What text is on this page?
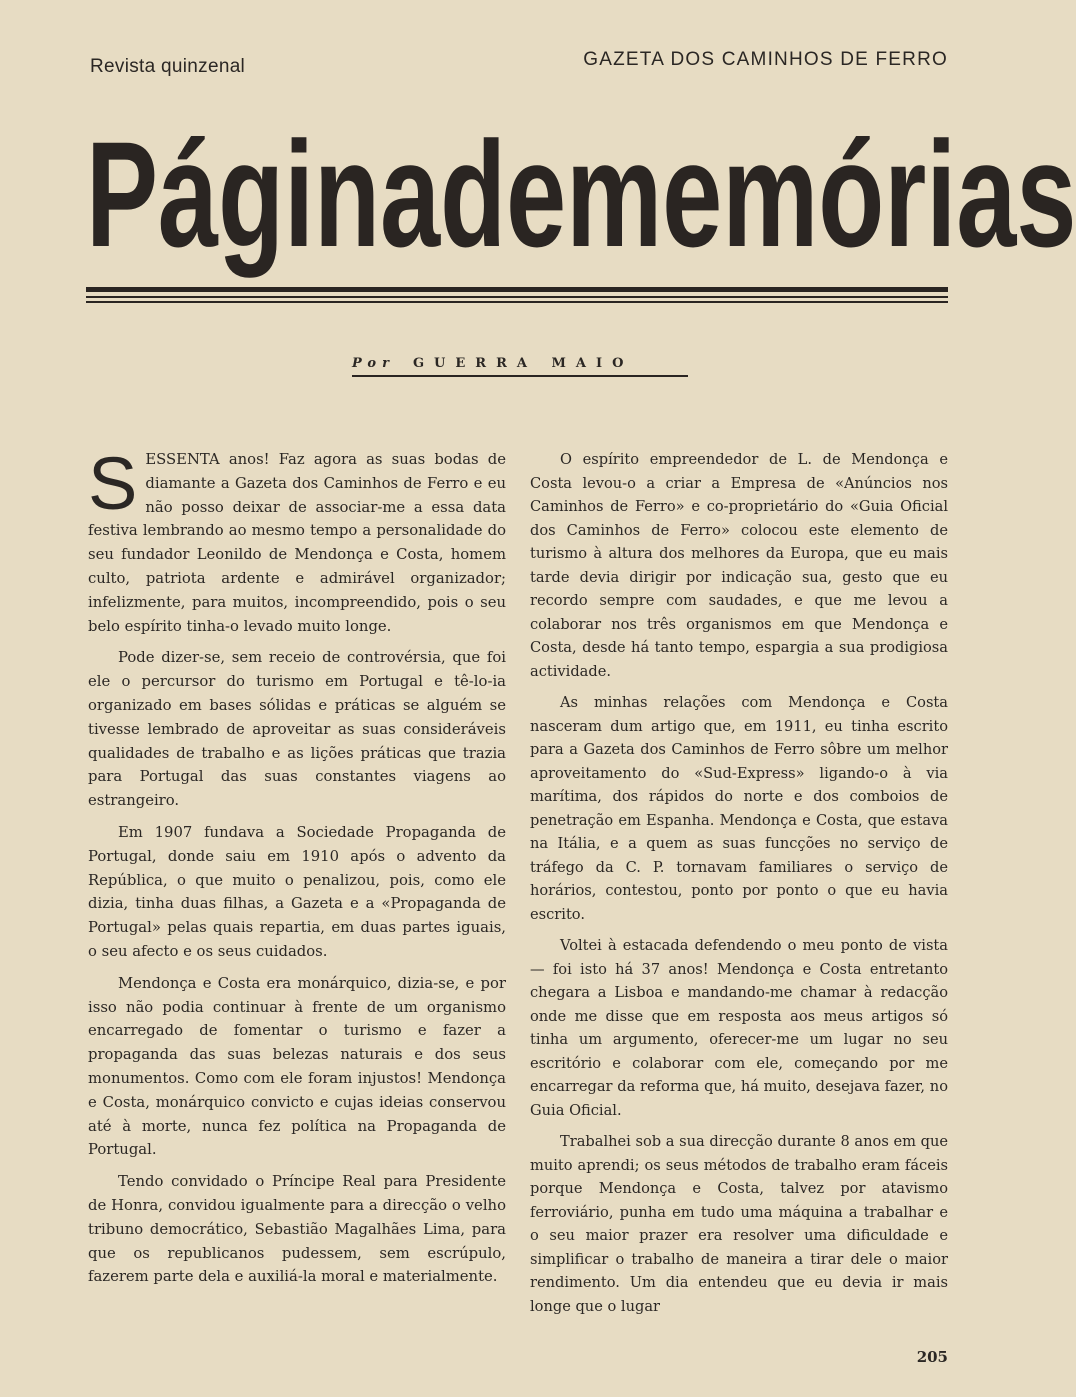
Revista quinzenal	GAZETA DOS CAMINHOS DE FERRO
Página de memórias
Por GUERRA MAIO

SESSENTA anos! Faz agora as suas bodas de diamante a Gazeta dos Caminhos de Ferro e eu não posso deixar de associar-me a essa data festiva lembrando ao mesmo tempo a personalidade do seu fundador Leonildo de Mendonça e Costa, homem culto, patriota ardente e admirável organizador; infelizmente, para muitos, incompreendido, pois o seu belo espírito tinha-o levado muito longe.

Pode dizer-se, sem receio de controvérsia, que foi ele o percursor do turismo em Portugal e tê-lo-ia organizado em bases sólidas e práticas se alguém se tivesse lembrado de aproveitar as suas consideráveis qualidades de trabalho e as lições práticas que trazia para Portugal das suas constantes viagens ao estrangeiro.

Em 1907 fundava a Sociedade Propaganda de Portugal, donde saiu em 1910 após o advento da República, o que muito o penalizou, pois, como ele dizia, tinha duas filhas, a Gazeta e a «Propaganda de Portugal» pelas quais repartia, em duas partes iguais, o seu afecto e os seus cuidados.

Mendonça e Costa era monárquico, dizia-se, e por isso não podia continuar à frente de um organismo encarregado de fomentar o turismo e fazer a propaganda das suas belezas naturais e dos seus monumentos. Como com ele foram injustos! Mendonça e Costa, monárquico convicto e cujas ideias conservou até à morte, nunca fez política na Propaganda de Portugal.

Tendo convidado o Príncipe Real para Presidente de Honra, convidou igualmente para a direcção o velho tribuno democrático, Sebastião Magalhães Lima, para que os republicanos pudessem, sem escrúpulo, fazerem parte dela e auxiliá-la moral e materialmente.

O espírito empreendedor de L. de Mendonça e Costa levou-o a criar a Empresa de «Anúncios nos Caminhos de Ferro» e co-proprietário do «Guia Oficial dos Caminhos de Ferro» colocou este elemento de turismo à altura dos melhores da Europa, que eu mais tarde devia dirigir por indicação sua, gesto que eu recordo sempre com saudades, e que me levou a colaborar nos três organismos em que Mendonça e Costa, desde há tanto tempo, espargia a sua prodigiosa actividade.

As minhas relações com Mendonça e Costa nasceram dum artigo que, em 1911, eu tinha escrito para a Gazeta dos Caminhos de Ferro sôbre um melhor aproveitamento do «Sud-Express» ligando-o à via marítima, dos rápidos do norte e dos comboios de penetração em Espanha. Mendonça e Costa, que estava na Itália, e a quem as suas funcções no serviço de tráfego da C. P. tornavam familiares o serviço de horários, contestou, ponto por ponto o que eu havia escrito.

Voltei à estacada defendendo o meu ponto de vista — foi isto há 37 anos! Mendonça e Costa entretanto chegara a Lisboa e mandando-me chamar à redacção onde me disse que em resposta aos meus artigos só tinha um argumento, oferecer-me um lugar no seu escritório e colaborar com ele, começando por me encarregar da reforma que, há muito, desejava fazer, no Guia Oficial.

Trabalhei sob a sua direcção durante 8 anos em que muito aprendi; os seus métodos de trabalho eram fáceis porque Mendonça e Costa, talvez por atavismo ferroviário, punha em tudo uma máquina a trabalhar e o seu maior prazer era resolver uma dificuldade e simplificar o trabalho de maneira a tirar dele o maior rendimento. Um dia entendeu que eu devia ir mais longe que o lugar

205
